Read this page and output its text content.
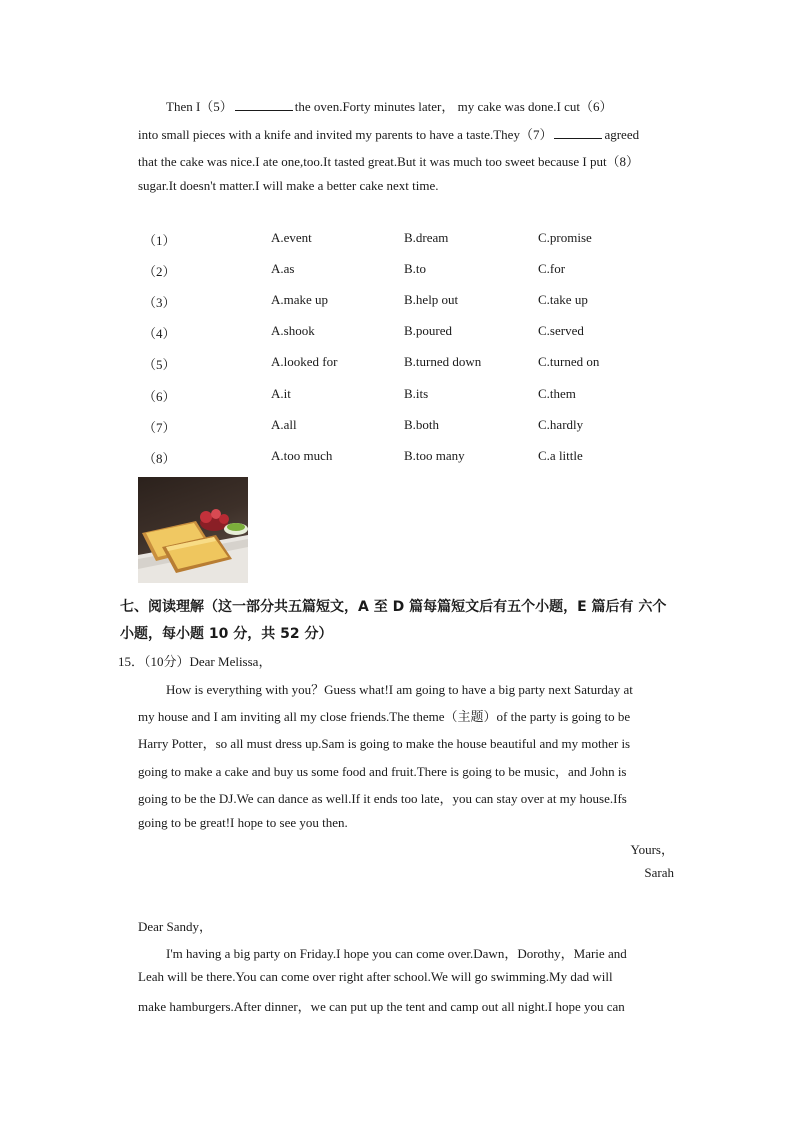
Then I（5）	the oven.Forty minutes later， my cake was done.I cut（6）
into small pieces with a knife and invited my parents to have a taste.They（7）	agreed
that the cake was nice.I ate one,too.It tasted great.But it was much too sweet because I put（8）
sugar.It doesn't matter.I will make a better cake next time.
（1）	A.event	B.dream	C.promise
（2）	A.as	B.to	C.for
（3）	A.make up	B.help out	C.take up
（4）	A.shook	B.poured	C.served
（5）	A.looked for	B.turned down	C.turned on
（6）	A.it	B.its	C.them
（7）	A.all	B.both	C.hardly
（8）	A.too much	B.too many	C.a little
七、阅读理解（这一部分共五篇短文，A 至 D 篇每篇短文后有五个小题，E 篇后有 六个
小题，每小题 10 分，共 52 分）
15．（10分）Dear Melissa，
How is everything with you？Guess what!I am going to have a big party next Saturday at
my house and I am inviting all my close friends.The theme（主题）of the party is going to be
Harry Potter，so all must dress up.Sam is going to make the house beautiful and my mother is
going to make a cake and buy us some food and fruit.There is going to be music，and John is
going to be the DJ.We can dance as well.If it ends too late，you can stay over at my house.Ifs
going to be great!I hope to see you then.
Yours，
Sarah
Dear Sandy，
I'm having a big party on Friday.I hope you can come over.Dawn，Dorothy，Marie and
Leah will be there.You can come over right after school.We will go swimming.My dad will
make hamburgers.After dinner，we can put up the tent and camp out all night.I hope you can
